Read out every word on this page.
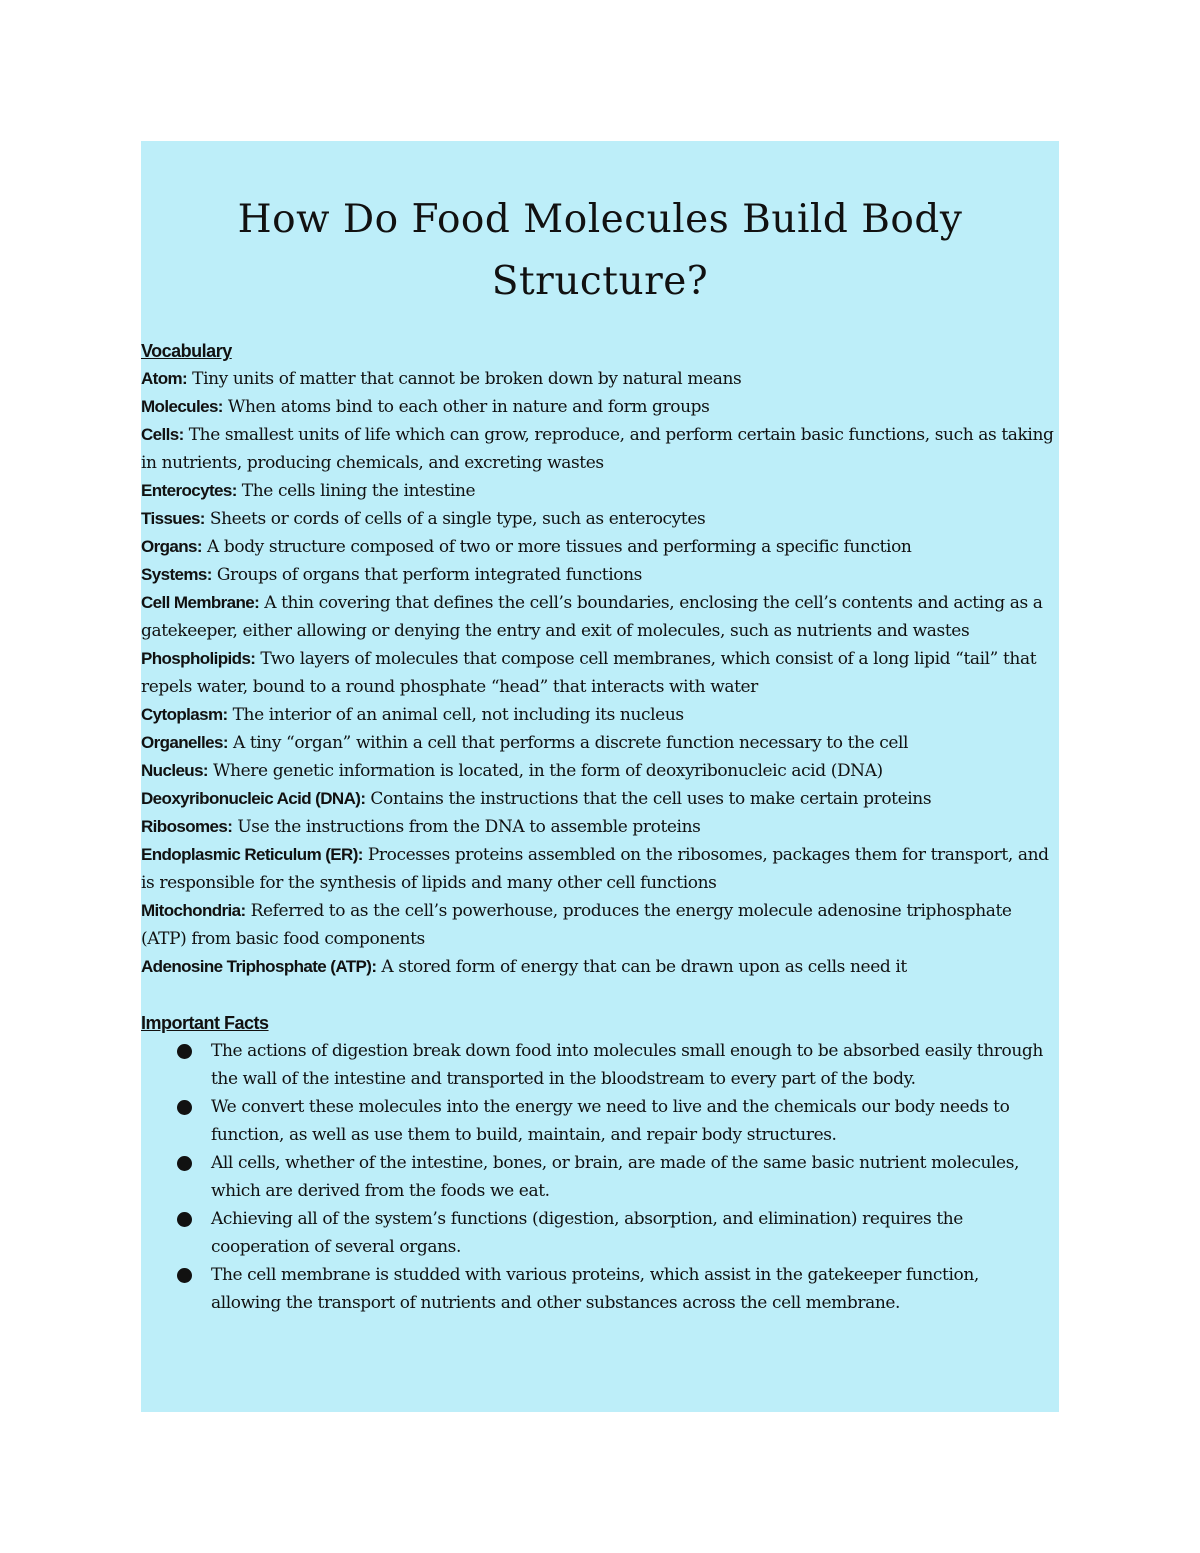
How Do Food Molecules Build Body Structure?

Vocabulary

Atom: Tiny units of matter that cannot be broken down by natural means
Molecules: When atoms bind to each other in nature and form groups
Cells: The smallest units of life which can grow, reproduce, and perform certain basic functions, such as taking in nutrients, producing chemicals, and excreting wastes
Enterocytes: The cells lining the intestine
Tissues: Sheets or cords of cells of a single type, such as enterocytes
Organs: A body structure composed of two or more tissues and performing a specific function
Systems: Groups of organs that perform integrated functions
Cell Membrane: A thin covering that defines the cell’s boundaries, enclosing the cell’s contents and acting as a gatekeeper, either allowing or denying the entry and exit of molecules, such as nutrients and wastes
Phospholipids: Two layers of molecules that compose cell membranes, which consist of a long lipid “tail” that repels water, bound to a round phosphate “head” that interacts with water
Cytoplasm: The interior of an animal cell, not including its nucleus
Organelles: A tiny “organ” within a cell that performs a discrete function necessary to the cell
Nucleus: Where genetic information is located, in the form of deoxyribonucleic acid (DNA)
Deoxyribonucleic Acid (DNA): Contains the instructions that the cell uses to make certain proteins
Ribosomes: Use the instructions from the DNA to assemble proteins
Endoplasmic Reticulum (ER): Processes proteins assembled on the ribosomes, packages them for transport, and is responsible for the synthesis of lipids and many other cell functions
Mitochondria: Referred to as the cell’s powerhouse, produces the energy molecule adenosine triphosphate (ATP) from basic food components
Adenosine Triphosphate (ATP): A stored form of energy that can be drawn upon as cells need it

Important Facts

The actions of digestion break down food into molecules small enough to be absorbed easily through the wall of the intestine and transported in the bloodstream to every part of the body.
We convert these molecules into the energy we need to live and the chemicals our body needs to function, as well as use them to build, maintain, and repair body structures.
All cells, whether of the intestine, bones, or brain, are made of the same basic nutrient molecules, which are derived from the foods we eat.
Achieving all of the system’s functions (digestion, absorption, and elimination) requires the cooperation of several organs.
The cell membrane is studded with various proteins, which assist in the gatekeeper function, allowing the transport of nutrients and other substances across the cell membrane.
